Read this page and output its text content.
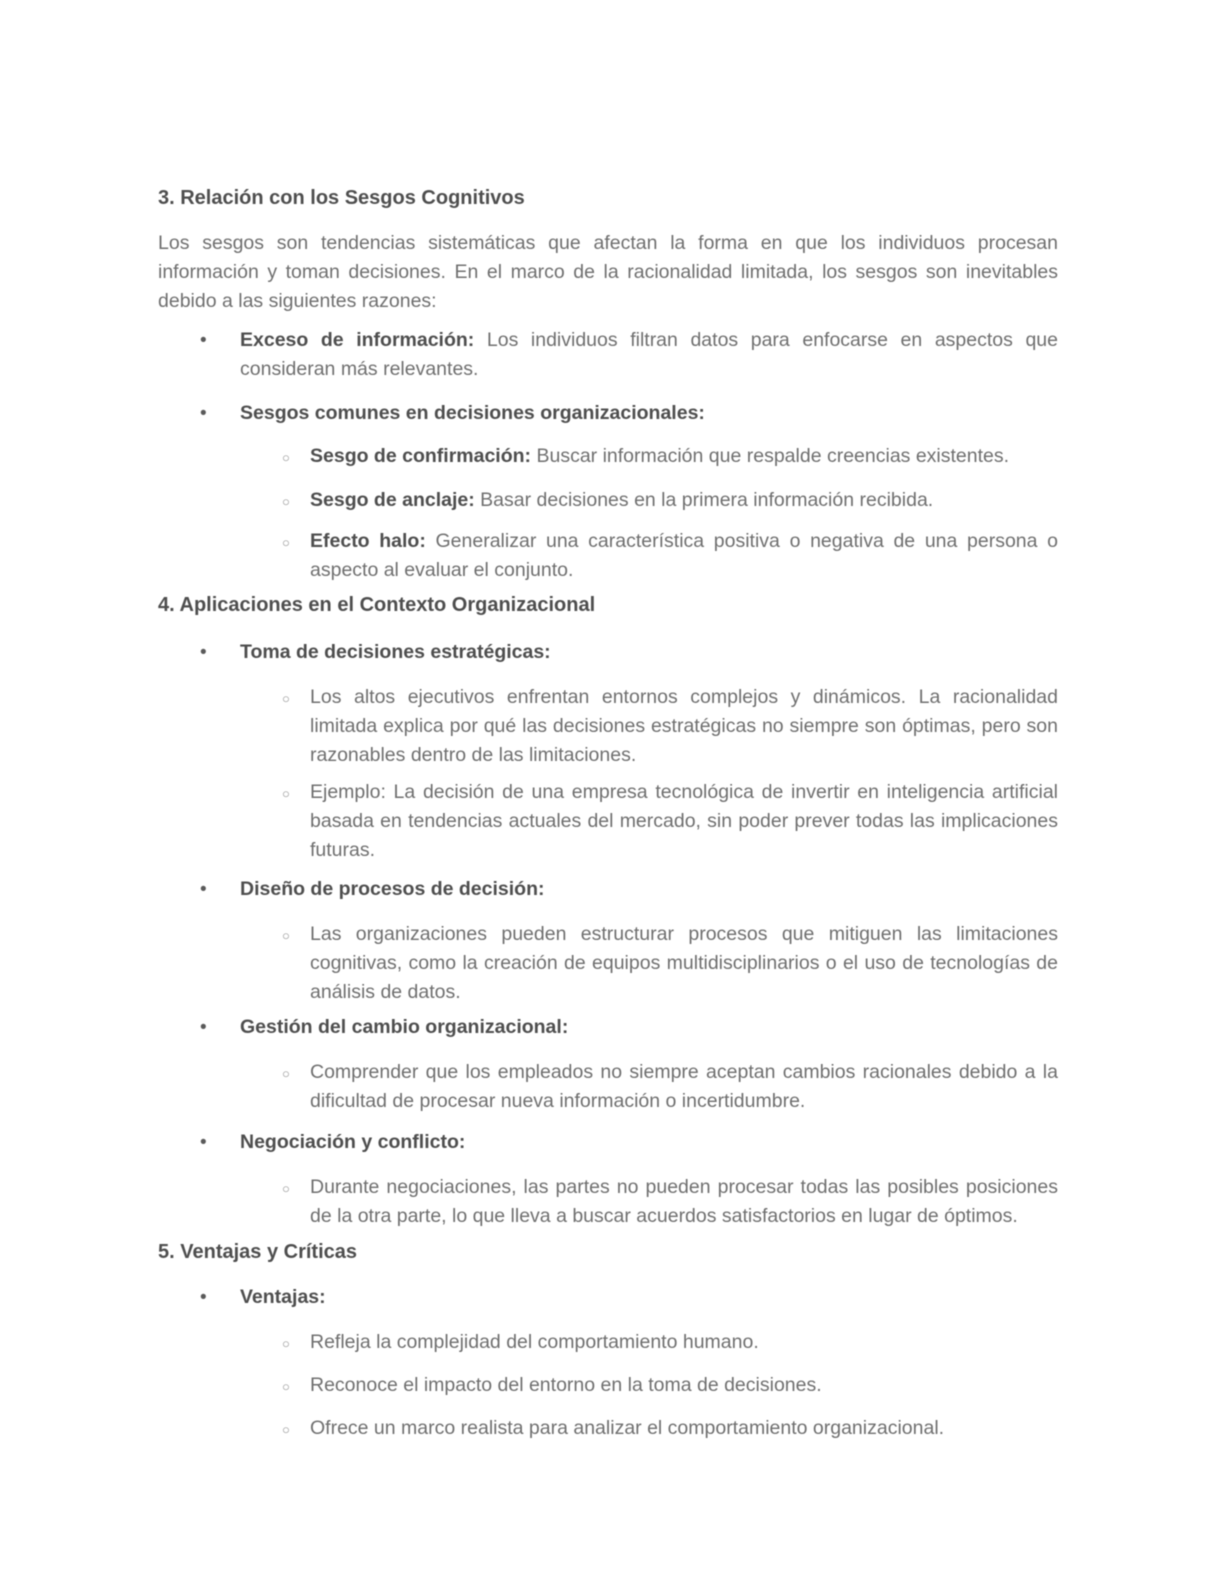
3. Relación con los Sesgos Cognitivos

Los sesgos son tendencias sistemáticas que afectan la forma en que los individuos procesan información y toman decisiones. En el marco de la racionalidad limitada, los sesgos son inevitables debido a las siguientes razones:

• Exceso de información: Los individuos filtran datos para enfocarse en aspectos que consideran más relevantes.
• Sesgos comunes en decisiones organizacionales:
○ Sesgo de confirmación: Buscar información que respalde creencias existentes.
○ Sesgo de anclaje: Basar decisiones en la primera información recibida.
○ Efecto halo: Generalizar una característica positiva o negativa de una persona o aspecto al evaluar el conjunto.
4. Aplicaciones en el Contexto Organizacional
• Toma de decisiones estratégicas:
○ Los altos ejecutivos enfrentan entornos complejos y dinámicos. La racionalidad limitada explica por qué las decisiones estratégicas no siempre son óptimas, pero son razonables dentro de las limitaciones.
○ Ejemplo: La decisión de una empresa tecnológica de invertir en inteligencia artificial basada en tendencias actuales del mercado, sin poder prever todas las implicaciones futuras.
• Diseño de procesos de decisión:
○ Las organizaciones pueden estructurar procesos que mitiguen las limitaciones cognitivas, como la creación de equipos multidisciplinarios o el uso de tecnologías de análisis de datos.
• Gestión del cambio organizacional:
○ Comprender que los empleados no siempre aceptan cambios racionales debido a la dificultad de procesar nueva información o incertidumbre.
• Negociación y conflicto:
○ Durante negociaciones, las partes no pueden procesar todas las posibles posiciones de la otra parte, lo que lleva a buscar acuerdos satisfactorios en lugar de óptimos.
5. Ventajas y Críticas
• Ventajas:
○ Refleja la complejidad del comportamiento humano.
○ Reconoce el impacto del entorno en la toma de decisiones.
○ Ofrece un marco realista para analizar el comportamiento organizacional.
